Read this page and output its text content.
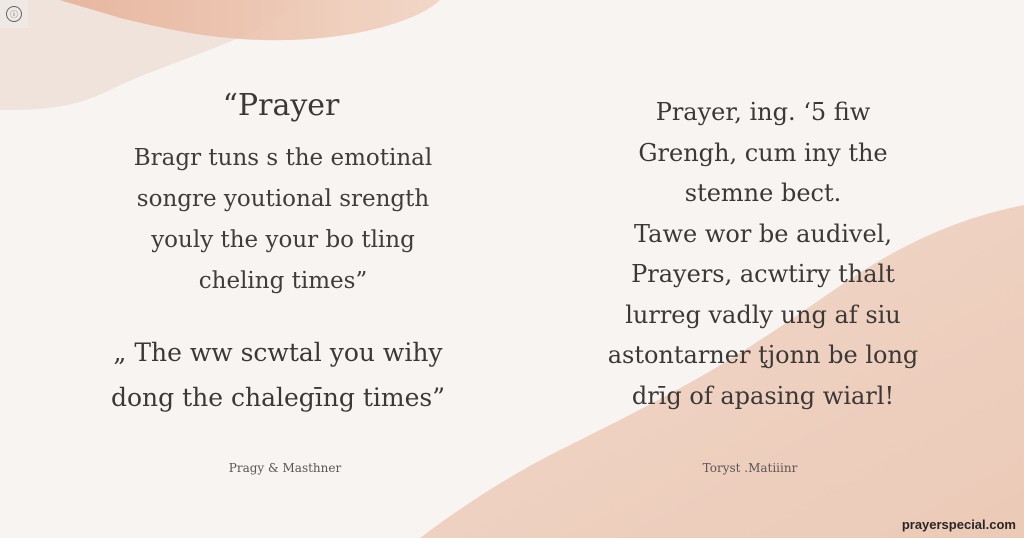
ⓘ
“Prayer
Bragr tuns s the emotinal
songre youtional srength
youly the your bo tling
cheling times”
„ The ww scwtal you wihy
dong the chalegīng times”
Pragy & Masthner
Prayer, ing. ‘5 fiw
Grengh, cum iny the
stemne bect.
Tawe wor be audivel,
Prayers, acwtiry thalt
lurreg vadly ung af siu
astontarner ţjonn be long
drīg of apasing wiarl!
Toryst .Matiiinr
prayerspecial.com
